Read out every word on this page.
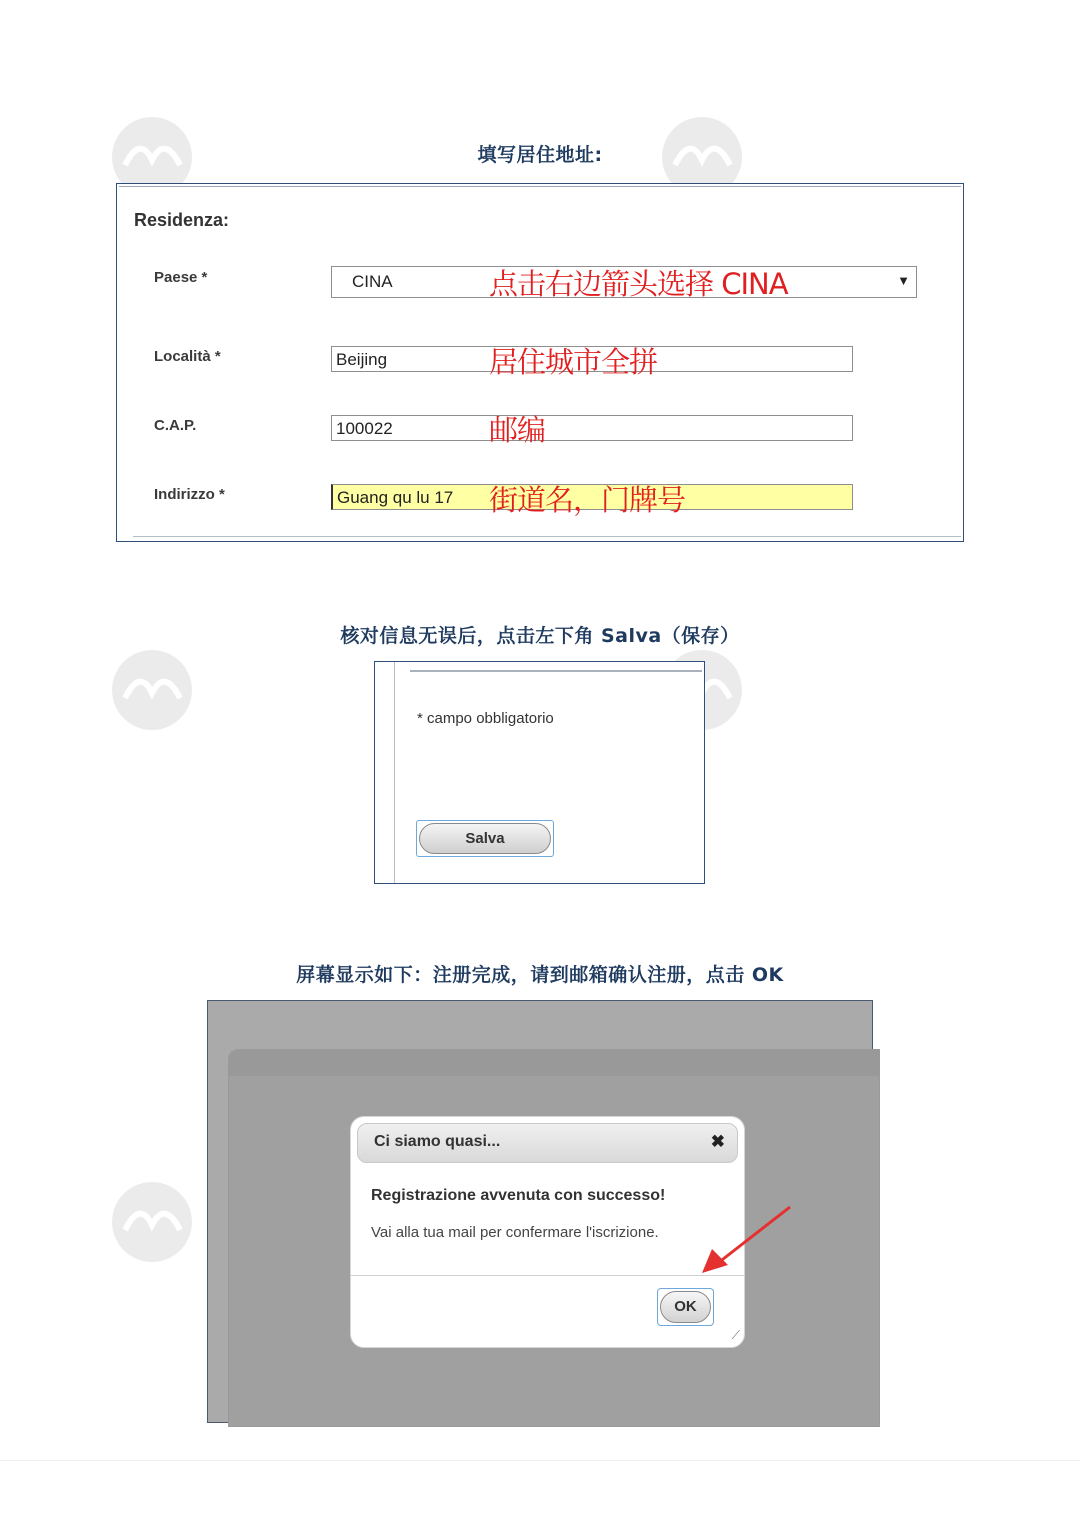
填写居住地址:
Residenza:
Paese *	CINA	▼
点击右边箭头选择 CINA
Località *	Beijing	居住城市全拼
C.A.P.	100022	邮编
Indirizzo *	Guang qu lu 17	街道名，门牌号
核对信息无误后，点击左下角 Salva（保存）
* campo obbligatorio
Salva
屏幕显示如下：注册完成，请到邮箱确认注册，点击 OK
Ci siamo quasi...	✖
Registrazione avvenuta con successo!
Vai alla tua mail per confermare l'iscrizione.
OK
⟋
